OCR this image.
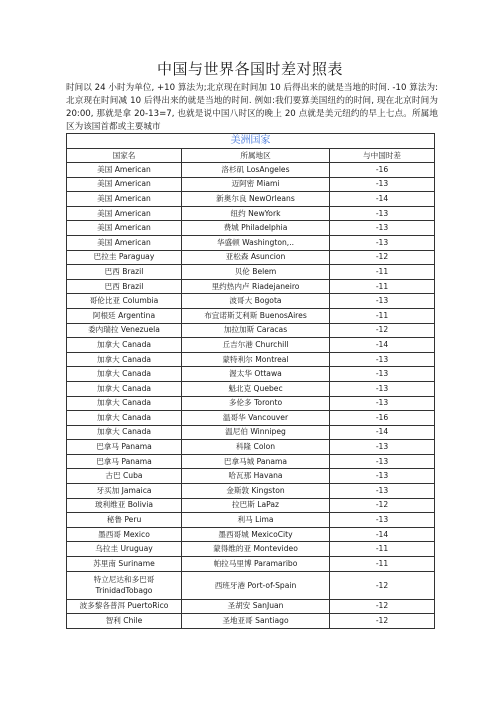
中国与世界各国时差对照表
时间以 24 小时为单位, +10 算法为;北京现在时间加 10 后得出来的就是当地的时间. -10 算法为:北京现在时间减 10 后得出来的就是当地的时间. 例如:我们要算美国纽约的时间, 现在北京时间为 20:00, 那就是拿 20-13=7, 也就是说中国八时区的晚上 20 点就是美元纽约的早上七点。所属地区为该国首都或主要城市
美洲国家		
国家名	所属地区	与中国时差
美国 American	洛杉矶 LosAngeles	-16
美国 American	迈阿密 Miami	-13
美国 American	新奥尔良 NewOrleans	-14
美国 American	纽约 NewYork	-13
美国 American	费城 Philadelphia	-13
美国 American	华盛顿 Washington,..	-13
巴拉圭 Paraguay	亚松森 Asuncion	-12
巴西 Brazil	贝伦 Belem	-11
巴西 Brazil	里约热内卢 Riadejaneiro	-11
哥伦比亚 Columbia	波哥大 Bogota	-13
阿根廷 Argentina	布宜诺斯艾利斯 BuenosAires	-11
委内瑞拉 Venezuela	加拉加斯 Caracas	-12
加拿大 Canada	丘吉尔港 Churchill	-14
加拿大 Canada	蒙特利尔 Montreal	-13
加拿大 Canada	渥太华 Ottawa	-13
加拿大 Canada	魁北克 Quebec	-13
加拿大 Canada	多伦多 Toronto	-13
加拿大 Canada	温哥华 Vancouver	-16
加拿大 Canada	温尼伯 Winnipeg	-14
巴拿马 Panama	科隆 Colon	-13
巴拿马 Panama	巴拿马城 Panama	-13
古巴 Cuba	哈瓦那 Havana	-13
牙买加 Jamaica	金斯敦 Kingston	-13
玻利维亚 Bolivia	拉巴斯 LaPaz	-12
秘鲁 Peru	利马 Lima	-13
墨西哥 Mexico	墨西哥城 MexicoCity	-14
乌拉圭 Uruguay	蒙得维的亚 Montevideo	-11
苏里南 Suriname	帕拉马里博 Paramaribo	-11
特立尼达和多巴哥 TrinidadTobago	西班牙港 Port-of-Spain	-12
波多黎各普洱 PuertoRico	圣胡安 SanJuan	-12
智利 Chile	圣地亚哥 Santiago	-12
